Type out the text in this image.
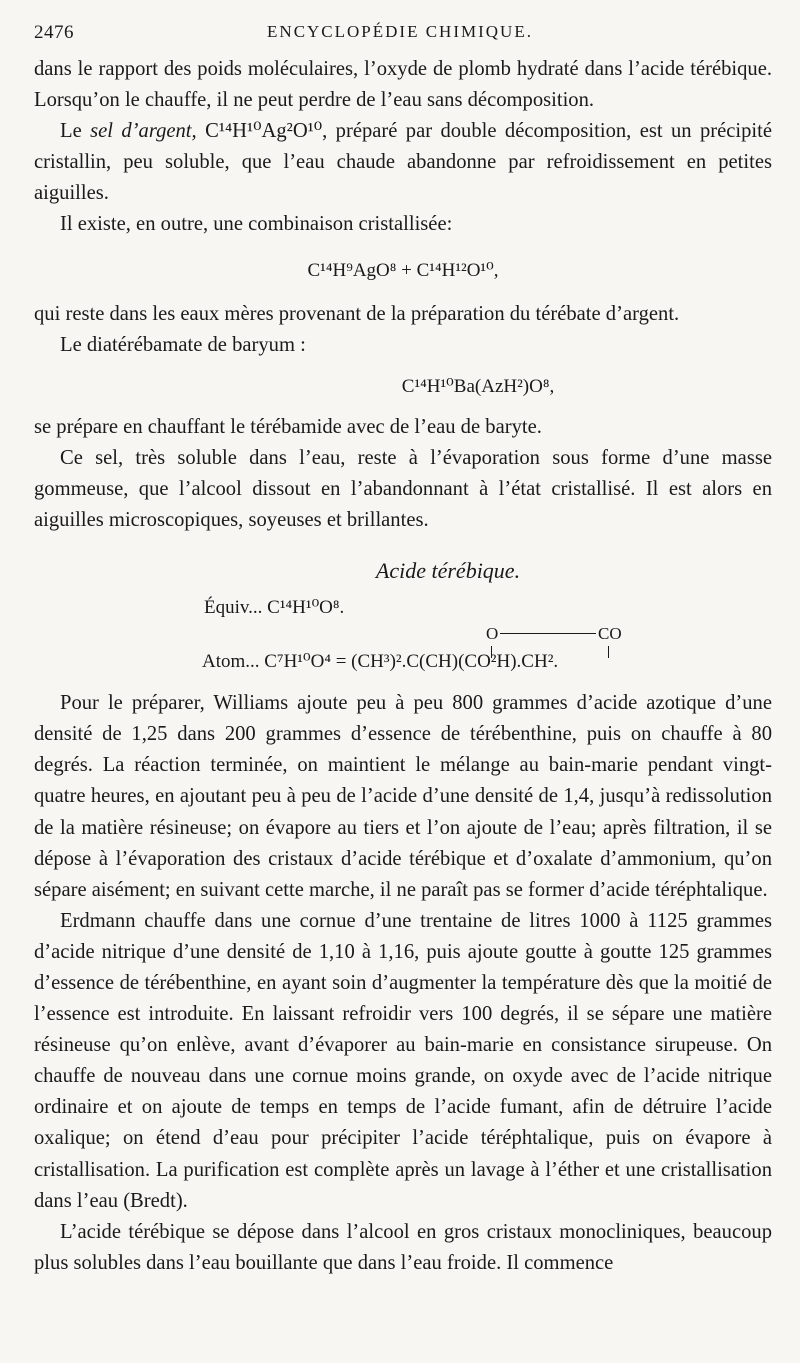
2476	ENCYCLOPÉDIE CHIMIQUE.

dans le rapport des poids moléculaires, l’oxyde de plomb hydraté dans l’acide térébique. Lorsqu’on le chauffe, il ne peut perdre de l’eau sans décomposition.

Le sel d’argent, C¹⁴H¹⁰Ag²O¹⁰, préparé par double décomposition, est un précipité cristallin, peu soluble, que l’eau chaude abandonne par refroidissement en petites aiguilles.

Il existe, en outre, une combinaison cristallisée:

C¹⁴H⁹AgO⁸ + C¹⁴H¹²O¹⁰,

qui reste dans les eaux mères provenant de la préparation du térébate d’argent.

Le diatérébamate de baryum :

C¹⁴H¹⁰Ba(AzH²)O⁸,

se prépare en chauffant le térébamide avec de l’eau de baryte.

Ce sel, très soluble dans l’eau, reste à l’évaporation sous forme d’une masse gommeuse, que l’alcool dissout en l’abandonnant à l’état cristallisé. Il est alors en aiguilles microscopiques, soyeuses et brillantes.

Acide térébique.
Équiv... C¹⁴H¹⁰O⁸.
O	CO
Atom... C⁷H¹⁰O⁴ = (CH³)².C(CH)(CO²H).CH².

Pour le préparer, Williams ajoute peu à peu 800 grammes d’acide azotique d’une densité de 1,25 dans 200 grammes d’essence de térébenthine, puis on chauffe à 80 degrés. La réaction terminée, on maintient le mélange au bain-marie pendant vingt-quatre heures, en ajoutant peu à peu de l’acide d’une densité de 1,4, jusqu’à redissolution de la matière résineuse; on évapore au tiers et l’on ajoute de l’eau; après filtration, il se dépose à l’évaporation des cristaux d’acide térébique et d’oxalate d’ammonium, qu’on sépare aisément; en suivant cette marche, il ne paraît pas se former d’acide téréphtalique.

Erdmann chauffe dans une cornue d’une trentaine de litres 1000 à 1125 grammes d’acide nitrique d’une densité de 1,10 à 1,16, puis ajoute goutte à goutte 125 grammes d’essence de térébenthine, en ayant soin d’augmenter la température dès que la moitié de l’essence est introduite. En laissant refroidir vers 100 degrés, il se sépare une matière résineuse qu’on enlève, avant d’évaporer au bain-marie en consistance sirupeuse. On chauffe de nouveau dans une cornue moins grande, on oxyde avec de l’acide nitrique ordinaire et on ajoute de temps en temps de l’acide fumant, afin de détruire l’acide oxalique; on étend d’eau pour précipiter l’acide téréphtalique, puis on évapore à cristallisation. La purification est complète après un lavage à l’éther et une cristallisation dans l’eau (Bredt).

L’acide térébique se dépose dans l’alcool en gros cristaux monocliniques, beaucoup plus solubles dans l’eau bouillante que dans l’eau froide. Il commence
